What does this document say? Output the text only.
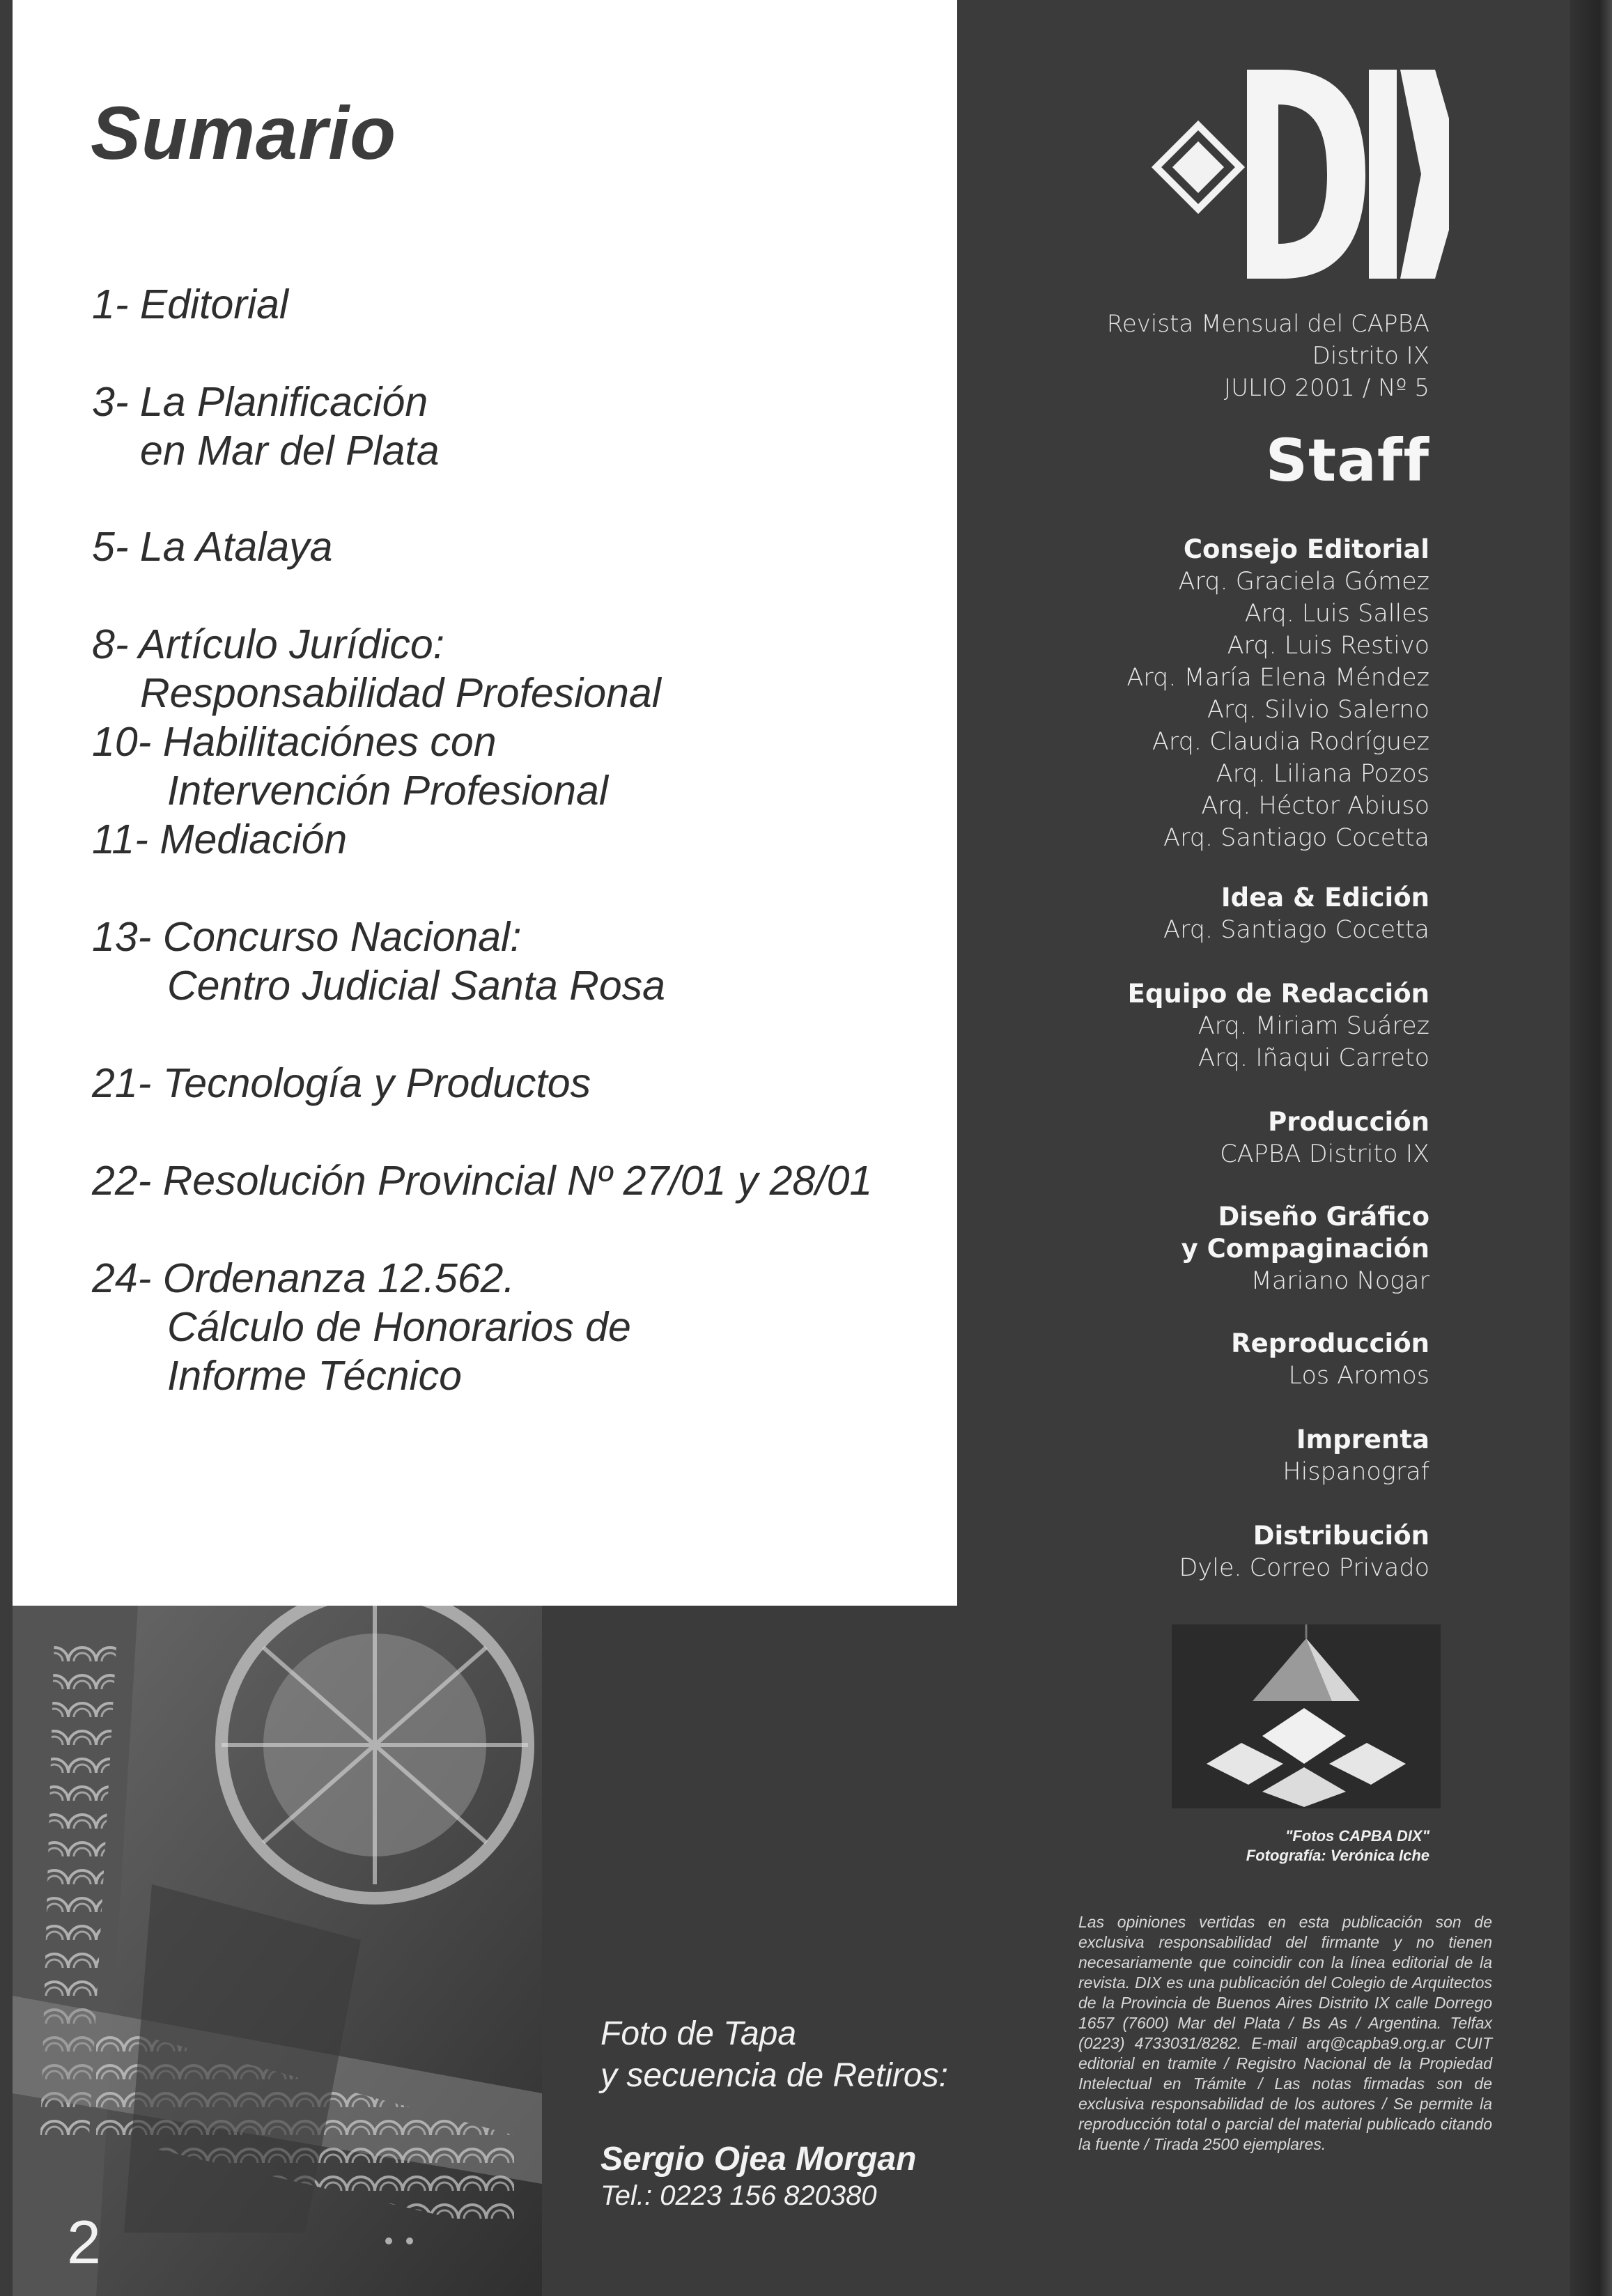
Sumario
1- Editorial
3- La Planificación
en Mar del Plata
5- La Atalaya
8- Artículo Jurídico:
Responsabilidad Profesional
10- Habilitaciónes con
Intervención Profesional
11- Mediación
13- Concurso Nacional:
Centro Judicial Santa Rosa
21- Tecnología y Productos
22- Resolución Provincial Nº 27/01 y 28/01
24- Ordenanza 12.562.
Cálculo de Honorarios de
Informe Técnico
Foto de Tapa
y secuencia de Retiros:
Sergio Ojea Morgan
Tel.: 0223 156 820380
2
Revista Mensual del CAPBA
Distrito IX
JULIO 2001 / Nº 5
Staff
Consejo Editorial
Arq. Graciela Gómez
Arq. Luis Salles
Arq. Luis Restivo
Arq. María Elena Méndez
Arq. Silvio Salerno
Arq. Claudia Rodríguez
Arq. Liliana Pozos
Arq. Héctor Abiuso
Arq. Santiago Cocetta
Idea & Edición
Arq. Santiago Cocetta
Equipo de Redacción
Arq. Miriam Suárez
Arq. Iñaqui Carreto
Producción
CAPBA Distrito IX
Diseño Gráfico
y Compaginación
Mariano Nogar
Reproducción
Los Aromos
Imprenta
Hispanograf
Distribución
Dyle. Correo Privado
"Fotos CAPBA DIX"
Fotografía: Verónica Iche

Las opiniones vertidas en esta publicación son de exclusiva responsabilidad del firmante y no tienen necesariamente que coincidir con la línea editorial de la revista. DIX es una publicación del Colegio de Arquitectos de la Provincia de Buenos Aires Distrito IX calle Dorrego 1657 (7600) Mar del Plata / Bs As / Argentina. Telfax (0223) 4733031/8282. E-mail arq@capba9.org.ar CUIT editorial en tramite / Registro Nacional de la Propiedad Intelectual en Trámite / Las notas firmadas son de exclusiva responsabilidad de los autores / Se permite la reproducción total o parcial del material publicado citando la fuente / Tirada 2500 ejemplares.
